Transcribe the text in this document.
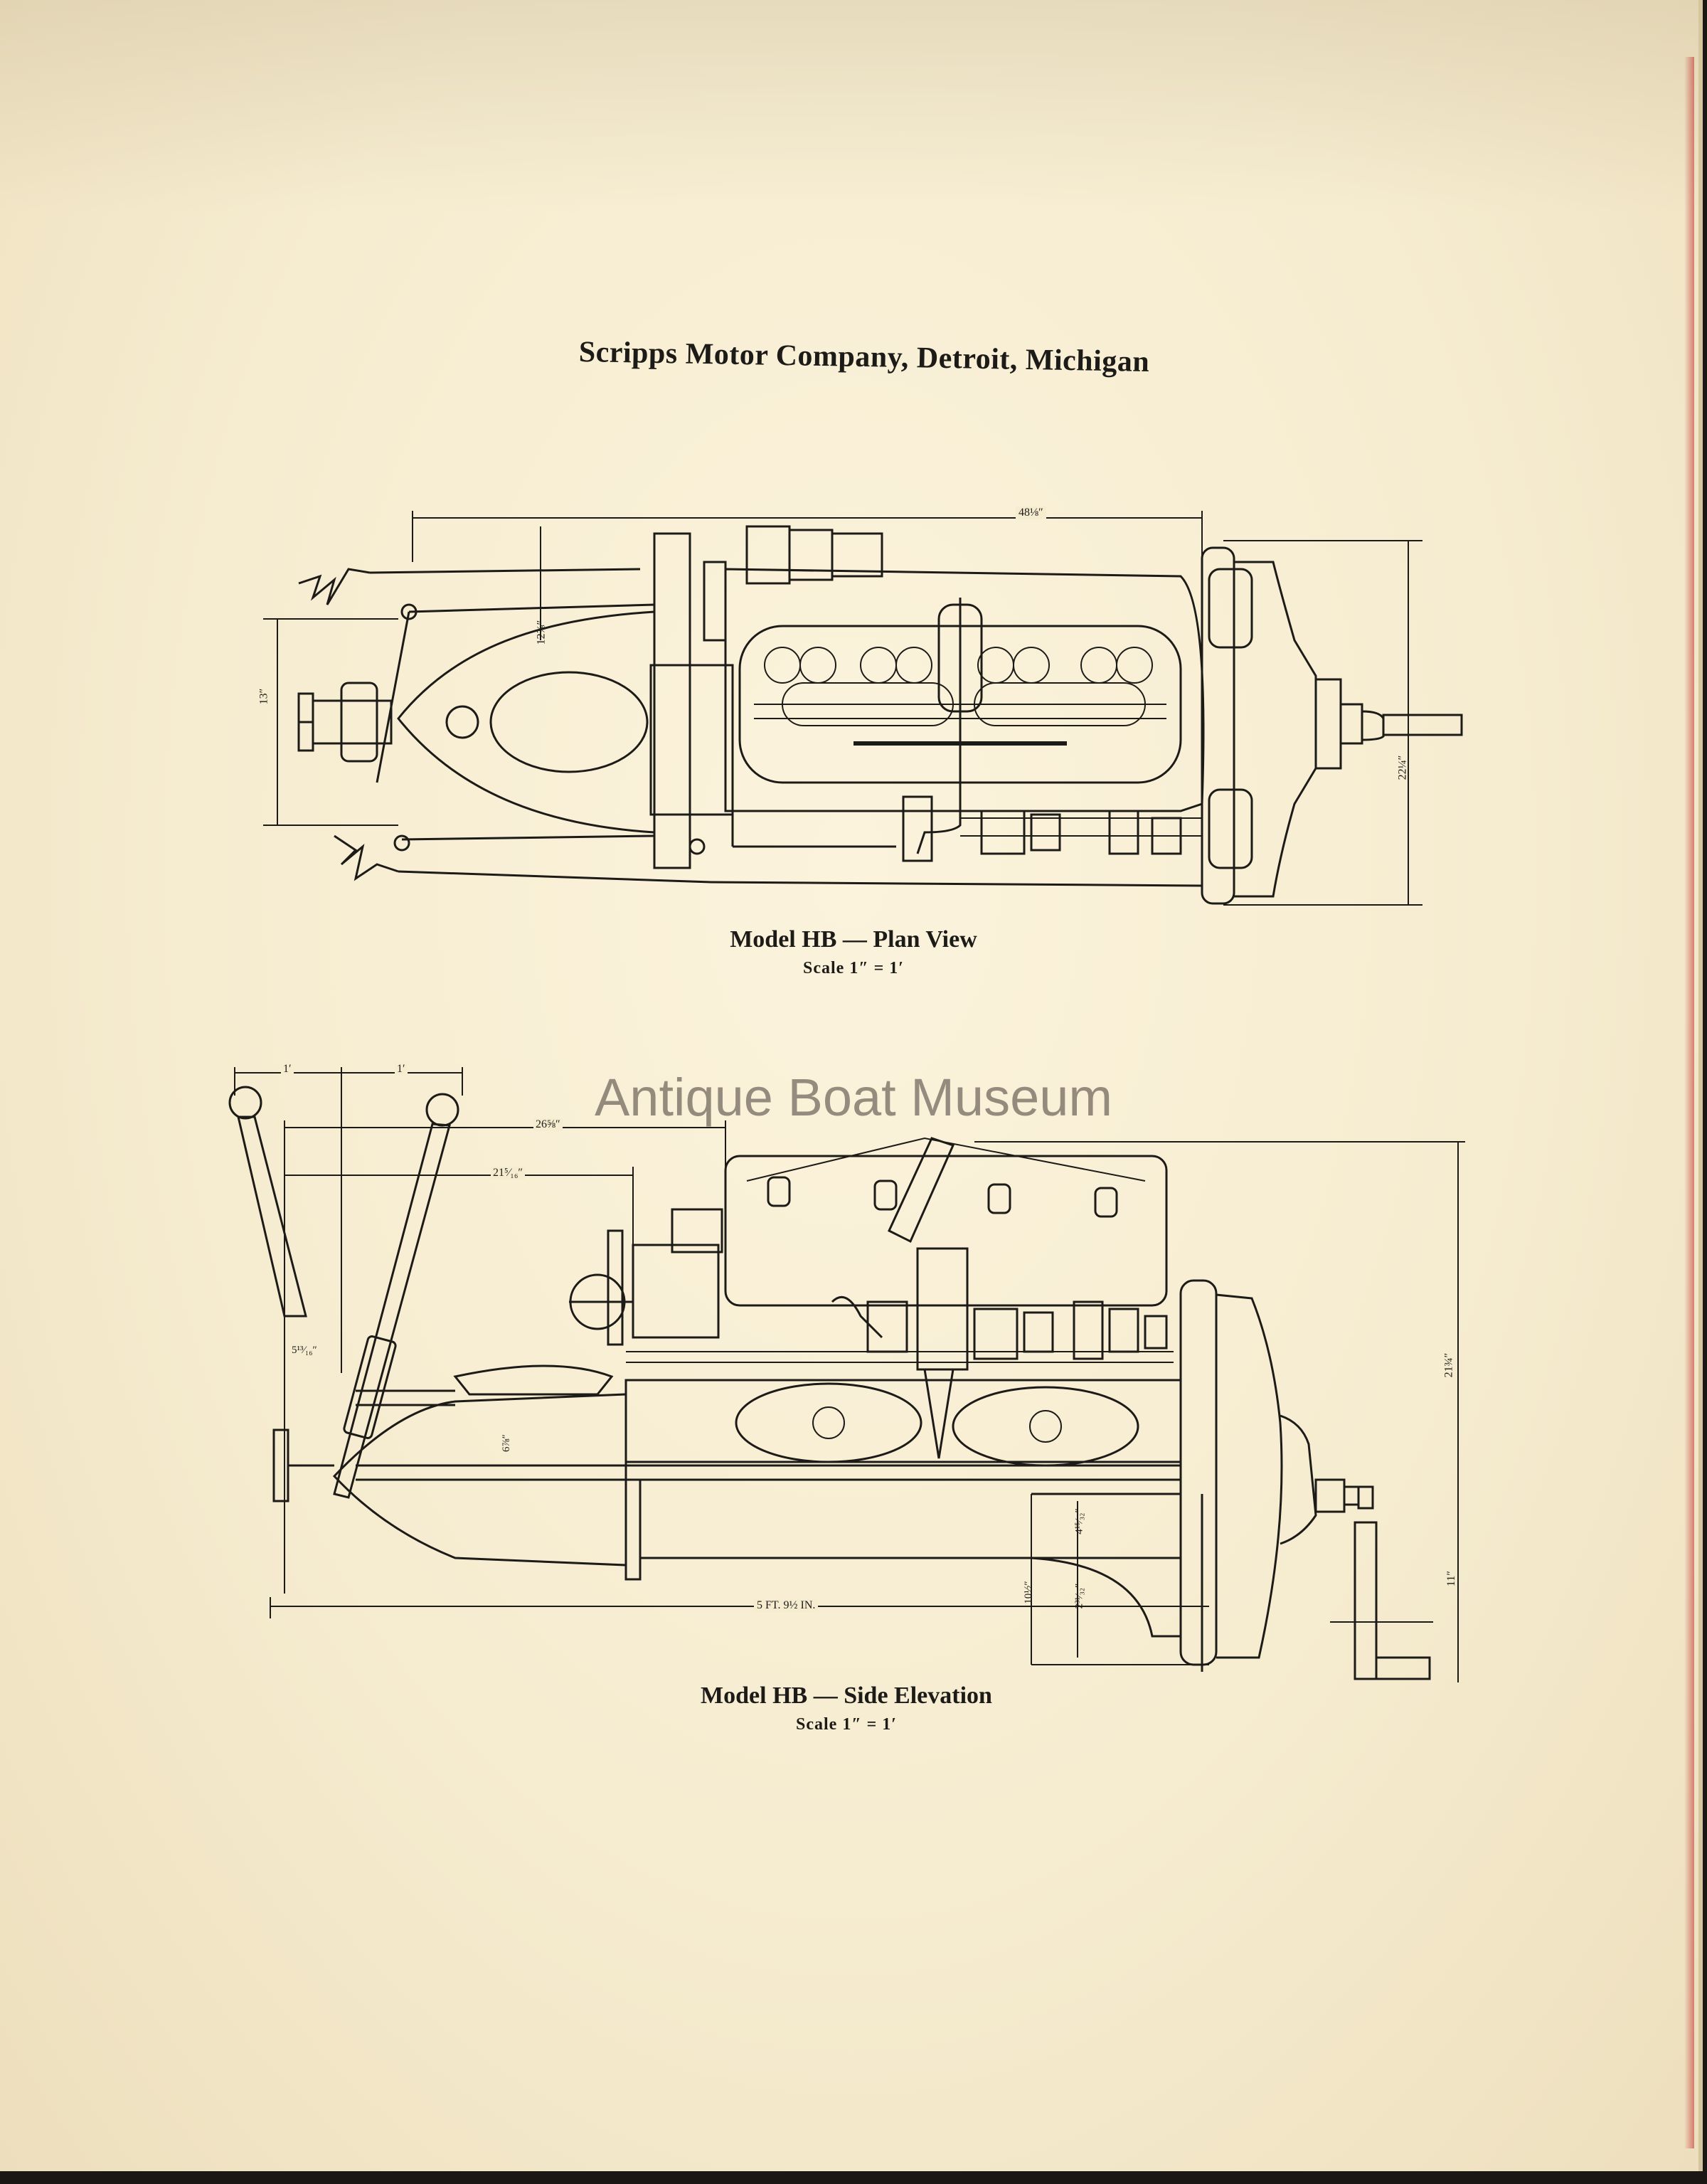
Scripps Motor Company, Detroit, Michigan
48⅛″
12⅞″
13″
22¼″
1′	1′
26⅝″
21⁵⁄₁₆″
5¹³⁄₁₆″
6⅞″
4¹⁵⁄₃₂″
10½″	2³¹⁄₃₂″
5 FT. 9½ IN.
21¾″
11″
Model HB — Plan View
Scale 1″ = 1′
Model HB — Side Elevation
Scale 1″ = 1′
Antique Boat Museum
